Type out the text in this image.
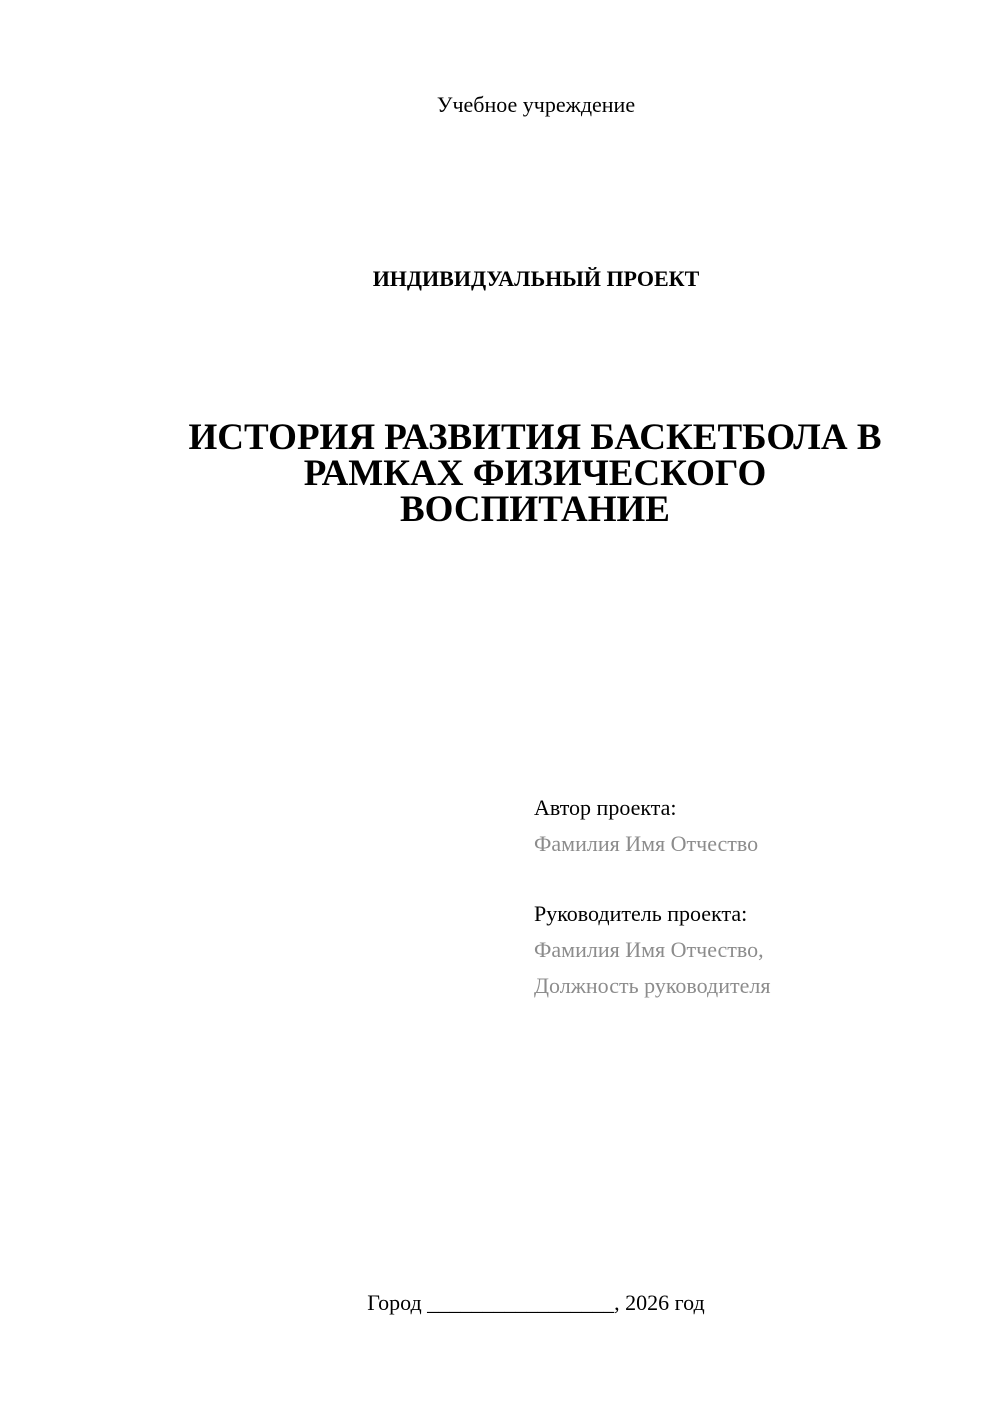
Учебное учреждение
ИНДИВИДУАЛЬНЫЙ ПРОЕКТ
ИСТОРИЯ РАЗВИТИЯ БАСКЕТБОЛА В
РАМКАХ ФИЗИЧЕСКОГО
ВОСПИТАНИЕ
Автор проекта:
Фамилия Имя Отчество
Руководитель проекта:
Фамилия Имя Отчество,
Должность руководителя
Город _________________, 2026 год
